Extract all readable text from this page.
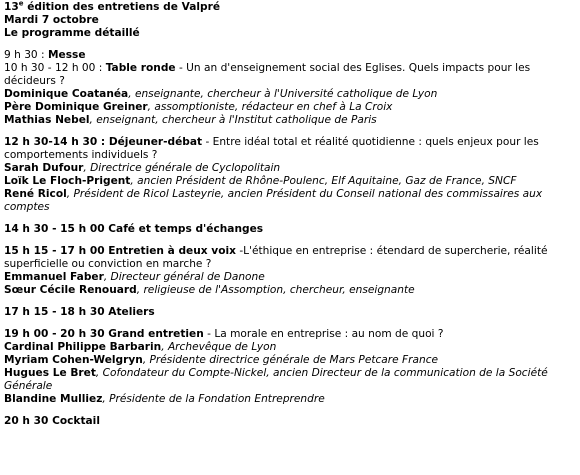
13e édition des entretiens de Valpré

Mardi 7 octobre

Le programme détaillé

9 h 30 : Messe

10 h 30 - 12 h 00 : Table ronde - Un an d'enseignement social des Eglises. Quels impacts pour les décideurs ?

Dominique Coatanéa, enseignante, chercheur à l'Université catholique de Lyon

Père Dominique Greiner, assomptioniste, rédacteur en chef à La Croix

Mathias Nebel, enseignant, chercheur à l'Institut catholique de Paris

12 h 30-14 h 30 : Déjeuner-débat - Entre idéal total et réalité quotidienne : quels enjeux pour les comportements individuels ?

Sarah Dufour, Directrice générale de Cyclopolitain

Loïk Le Floch-Prigent, ancien Président de Rhône-Poulenc, Elf Aquitaine, Gaz de France, SNCF

René Ricol, Président de Ricol Lasteyrie, ancien Président du Conseil national des commissaires aux comptes

14 h 30 - 15 h 00 Café et temps d'échanges

15 h 15 - 17 h 00 Entretien à deux voix -L'éthique en entreprise : étendard de supercherie, réalité superficielle ou conviction en marche ?

Emmanuel Faber, Directeur général de Danone

Sœur Cécile Renouard, religieuse de l'Assomption, chercheur, enseignante

17 h 15 - 18 h 30 Ateliers

19 h 00 - 20 h 30 Grand entretien - La morale en entreprise : au nom de quoi ?

Cardinal Philippe Barbarin, Archevêque de Lyon

Myriam Cohen-Welgryn, Présidente directrice générale de Mars Petcare France

Hugues Le Bret, Cofondateur du Compte-Nickel, ancien Directeur de la communication de la Société Générale

Blandine Mulliez, Présidente de la Fondation Entreprendre

20 h 30 Cocktail
